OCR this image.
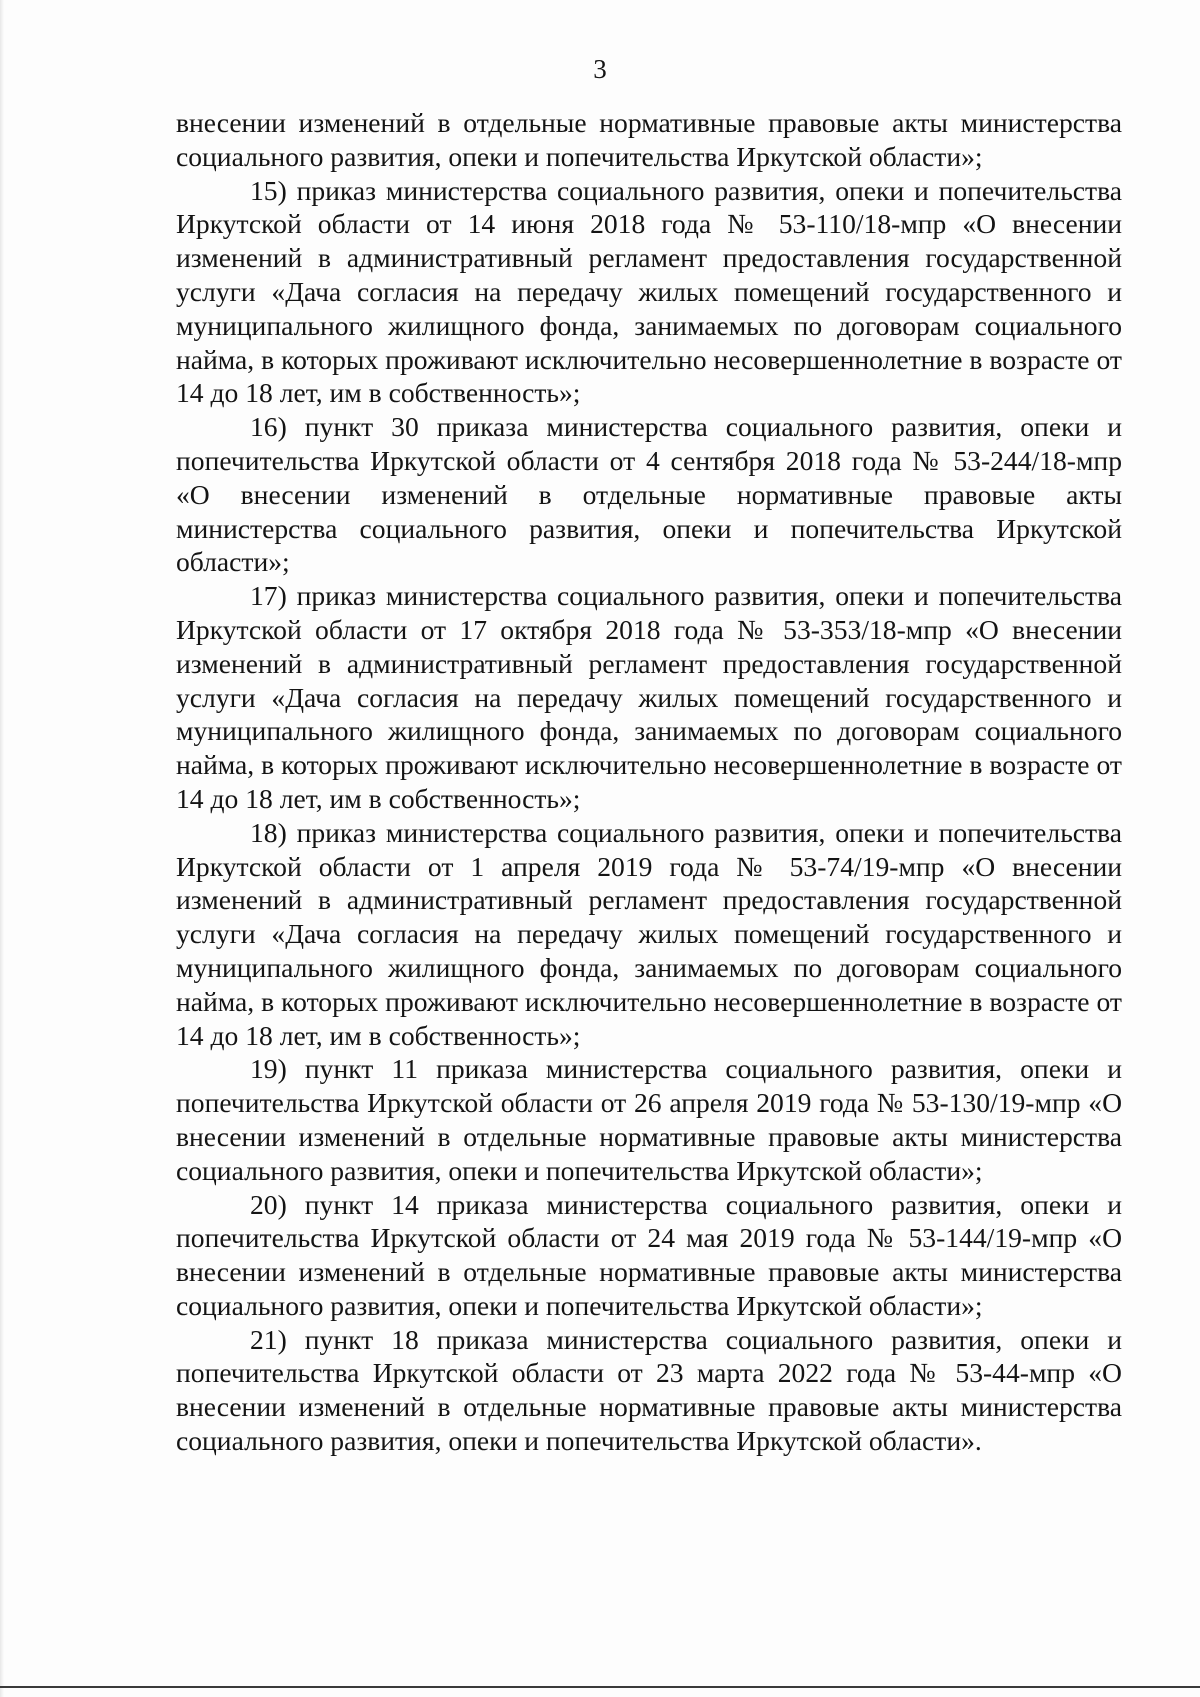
3

внесении изменений в отдельные нормативные правовые акты министерства социального развития, опеки и попечительства Иркутской области»;

15) приказ министерства социального развития, опеки и попечительства Иркутской области от 14 июня 2018 года № 53-110/18-мпр «О внесении изменений в административный регламент предоставления государственной услуги «Дача согласия на передачу жилых помещений государственного и муниципального жилищного фонда, занимаемых по договорам социального найма, в которых проживают исключительно несовершеннолетние в возрасте от 14 до 18 лет, им в собственность»;

16) пункт 30 приказа министерства социального развития, опеки и попечительства Иркутской области от 4 сентября 2018 года № 53-244/18-мпр «О внесении изменений в отдельные нормативные правовые акты министерства социального развития, опеки и попечительства Иркутской области»;

17) приказ министерства социального развития, опеки и попечительства Иркутской области от 17 октября 2018 года № 53-353/18-мпр «О внесении изменений в административный регламент предоставления государственной услуги «Дача согласия на передачу жилых помещений государственного и муниципального жилищного фонда, занимаемых по договорам социального найма, в которых проживают исключительно несовершеннолетние в возрасте от 14 до 18 лет, им в собственность»;

18) приказ министерства социального развития, опеки и попечительства Иркутской области от 1 апреля 2019 года № 53-74/19-мпр «О внесении изменений в административный регламент предоставления государственной услуги «Дача согласия на передачу жилых помещений государственного и муниципального жилищного фонда, занимаемых по договорам социального найма, в которых проживают исключительно несовершеннолетние в возрасте от 14 до 18 лет, им в собственность»;

19) пункт 11 приказа министерства социального развития, опеки и попечительства Иркутской области от 26 апреля 2019 года № 53-130/19-мпр «О внесении изменений в отдельные нормативные правовые акты министерства социального развития, опеки и попечительства Иркутской области»;

20) пункт 14 приказа министерства социального развития, опеки и попечительства Иркутской области от 24 мая 2019 года № 53-144/19-мпр «О внесении изменений в отдельные нормативные правовые акты министерства социального развития, опеки и попечительства Иркутской области»;

21) пункт 18 приказа министерства социального развития, опеки и попечительства Иркутской области от 23 марта 2022 года № 53-44-мпр «О внесении изменений в отдельные нормативные правовые акты министерства социального развития, опеки и попечительства Иркутской области».
